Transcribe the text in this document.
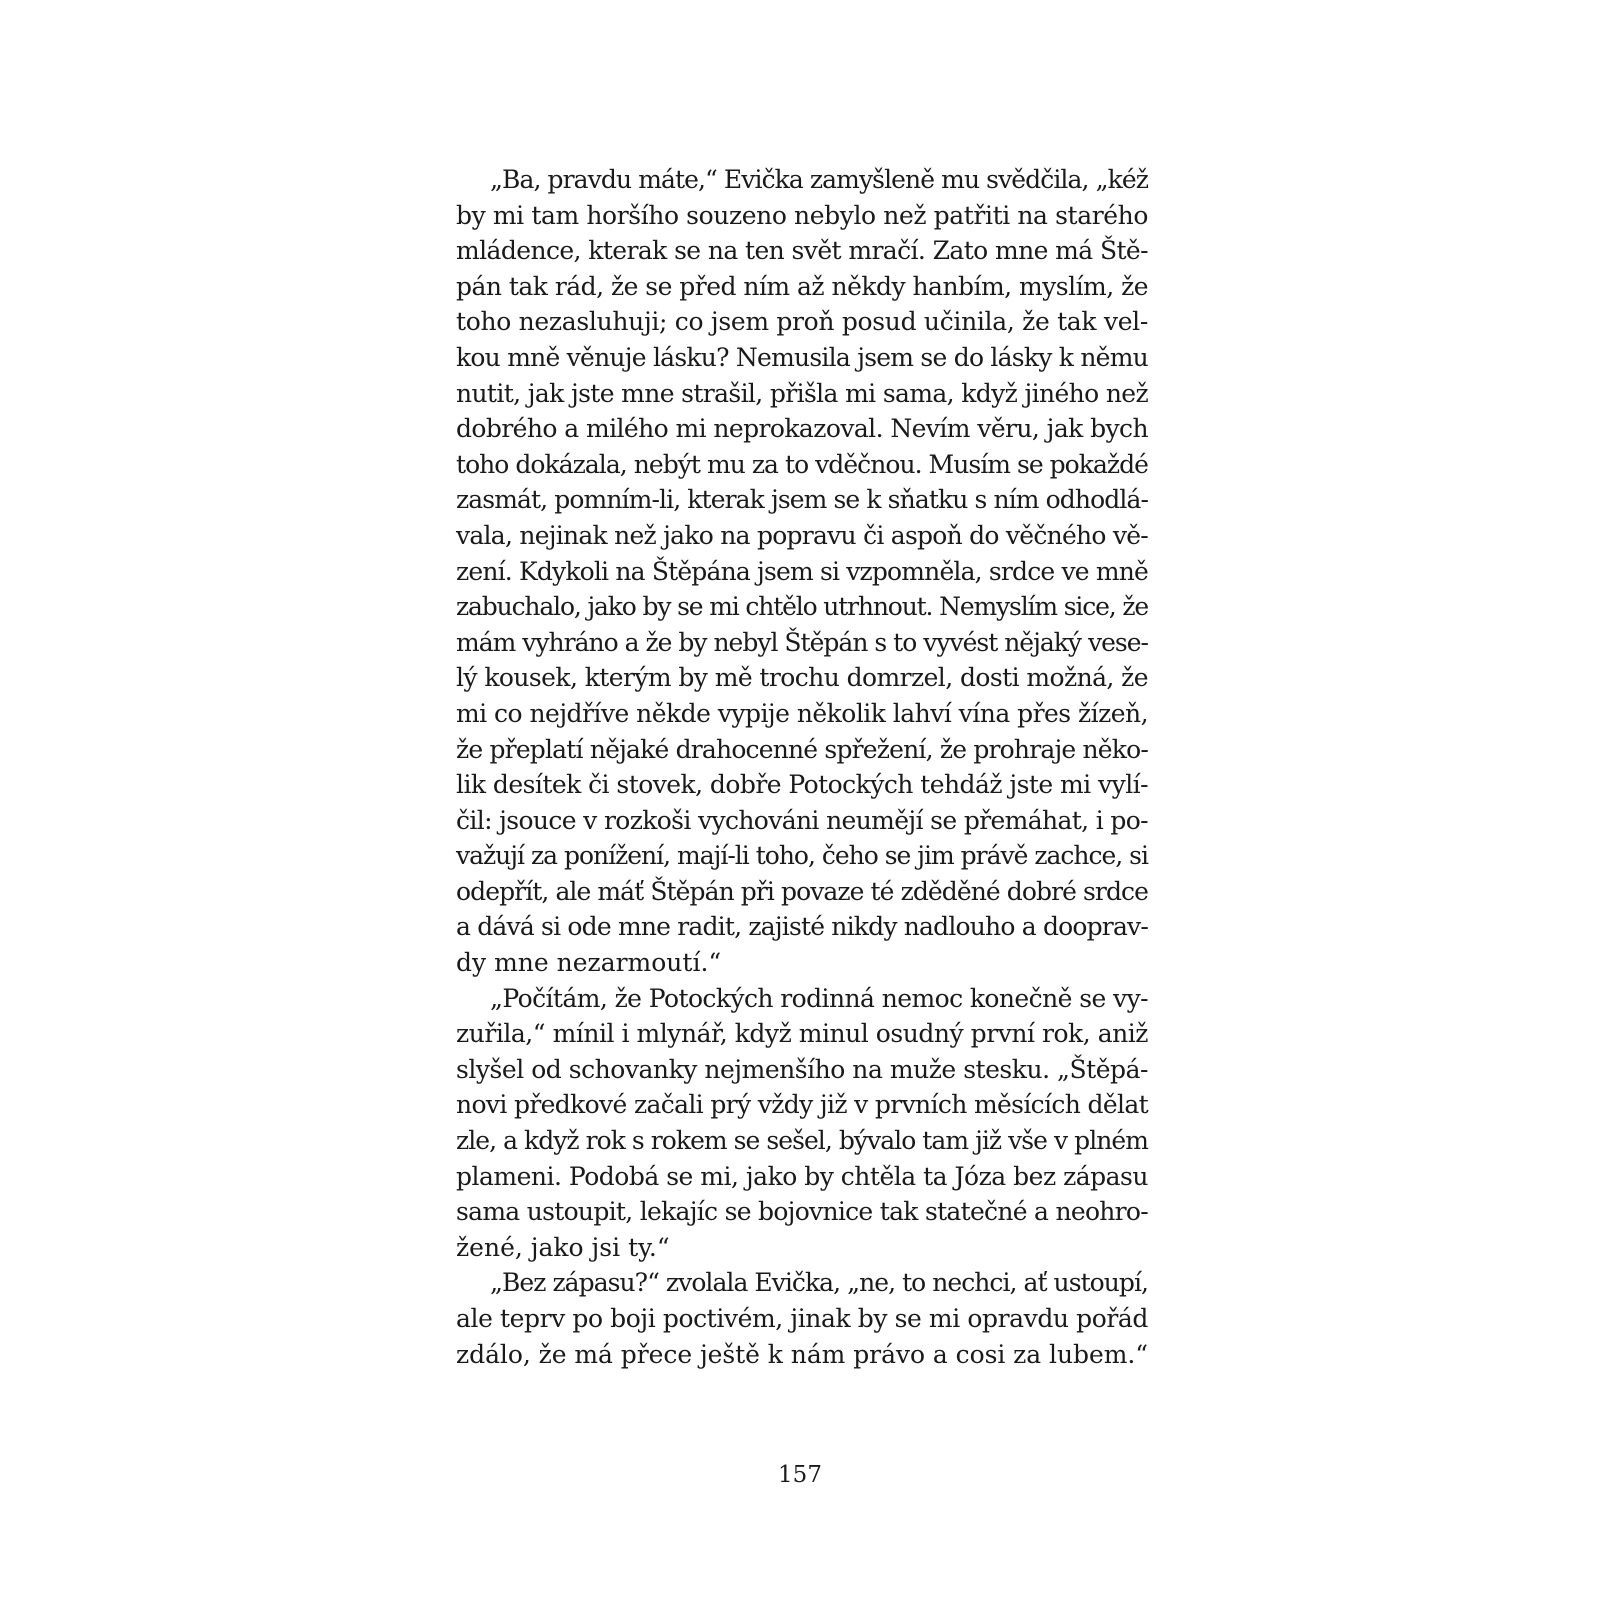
„Ba, pravdu máte,“ Evička zamyšleně mu svědčila, „kéž
by mi tam horšího souzeno nebylo než patřiti na starého
mládence, kterak se na ten svět mračí. Zato mne má Ště-
pán tak rád, že se před ním až někdy hanbím, myslím, že
toho nezasluhuji; co jsem proň posud učinila, že tak vel-
kou mně věnuje lásku? Nemusila jsem se do lásky k němu
nutit, jak jste mne strašil, přišla mi sama, když jiného než
dobrého a milého mi neprokazoval. Nevím věru, jak bych
toho dokázala, nebýt mu za to vděčnou. Musím se pokaždé
zasmát, pomním-li, kterak jsem se k sňatku s ním odhodlá-
vala, nejinak než jako na popravu či aspoň do věčného vě-
zení. Kdykoli na Štěpána jsem si vzpomněla, srdce ve mně
zabuchalo, jako by se mi chtělo utrhnout. Nemyslím sice, že
mám vyhráno a že by nebyl Štěpán s to vyvést nějaký vese-
lý kousek, kterým by mě trochu domrzel, dosti možná, že
mi co nejdříve někde vypije několik lahví vína přes žízeň,
že přeplatí nějaké drahocenné spřežení, že prohraje něko-
lik desítek či stovek, dobře Potockých tehdáž jste mi vylí-
čil: jsouce v rozkoši vychováni neumějí se přemáhat, i po-
važují za ponížení, mají-li toho, čeho se jim právě zachce, si
odepřít, ale máť Štěpán při povaze té zděděné dobré srdce
a dává si ode mne radit, zajisté nikdy nadlouho a dooprav-
dy mne nezarmoutí.“
„Počítám, že Potockých rodinná nemoc konečně se vy-
zuřila,“ mínil i mlynář, když minul osudný první rok, aniž
slyšel od schovanky nejmenšího na muže stesku. „Štěpá-
novi předkové začali prý vždy již v prvních měsících dělat
zle, a když rok s rokem se sešel, bývalo tam již vše v plném
plameni. Podobá se mi, jako by chtěla ta Józa bez zápasu
sama ustoupit, lekajíc se bojovnice tak statečné a neohro-
žené, jako jsi ty.“
„Bez zápasu?“ zvolala Evička, „ne, to nechci, ať ustoupí,
ale teprv po boji poctivém, jinak by se mi opravdu pořád
zdálo, že má přece ještě k nám právo a cosi za lubem.“
157
